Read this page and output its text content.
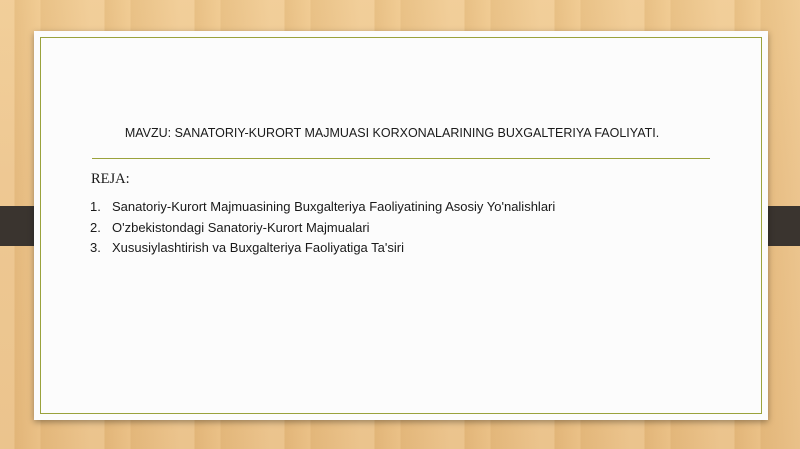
MAVZU: SANATORIY-KURORT MAJMUASI KORXONALARINING BUXGALTERIYA FAOLIYATI.
REJA:
1. Sanatoriy-Kurort Majmuasining Buxgalteriya Faoliyatining Asosiy Yo'nalishlari
2. O'zbekistondagi Sanatoriy-Kurort Majmualari
3. Xususiylashtirish va Buxgalteriya Faoliyatiga Ta'siri
